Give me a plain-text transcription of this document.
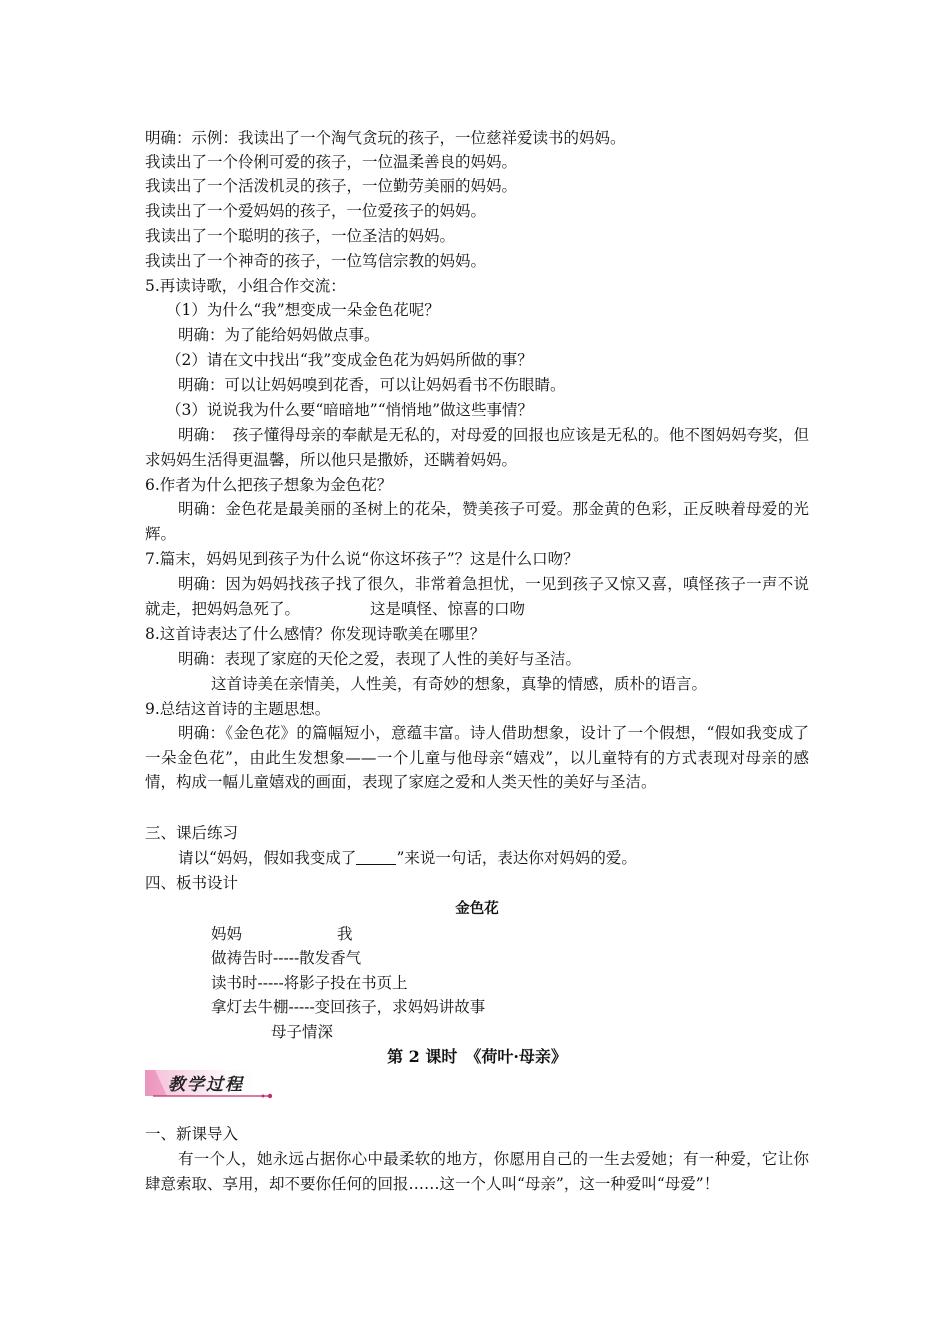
明确：示例：我读出了一个淘气贪玩的孩子，一位慈祥爱读书的妈妈。
我读出了一个伶俐可爱的孩子，一位温柔善良的妈妈。
我读出了一个活泼机灵的孩子，一位勤劳美丽的妈妈。
我读出了一个爱妈妈的孩子，一位爱孩子的妈妈。
我读出了一个聪明的孩子，一位圣洁的妈妈。
我读出了一个神奇的孩子，一位笃信宗教的妈妈。
5.再读诗歌，小组合作交流：
（1）为什么“我”想变成一朵金色花呢？
明确：为了能给妈妈做点事。
（2）请在文中找出“我”变成金色花为妈妈所做的事？
明确：可以让妈妈嗅到花香，可以让妈妈看书不伤眼睛。
（3）说说我为什么要“暗暗地”“悄悄地”做这些事情？
明确：　孩子懂得母亲的奉献是无私的，对母爱的回报也应该是无私的。他不图妈妈夸奖，但求妈妈生活得更温馨，所以他只是撒娇，还瞒着妈妈。
6.作者为什么把孩子想象为金色花？
明确：金色花是最美丽的圣树上的花朵，赞美孩子可爱。那金黄的色彩，正反映着母爱的光辉。
7.篇末，妈妈见到孩子为什么说“你这坏孩子”？这是什么口吻？
明确：因为妈妈找孩子找了很久，非常着急担忧，一见到孩子又惊又喜，嗔怪孩子一声不说就走，把妈妈急死了。	这是嗔怪、惊喜的口吻
8.这首诗表达了什么感情？你发现诗歌美在哪里？
明确：表现了家庭的天伦之爱，表现了人性的美好与圣洁。
这首诗美在亲情美，人性美，有奇妙的想象，真挚的情感，质朴的语言。
9.总结这首诗的主题思想。
明确：《金色花》的篇幅短小，意蕴丰富。诗人借助想象，设计了一个假想，“假如我变成了一朵金色花”，由此生发想象——一个儿童与他母亲“嬉戏”，以儿童特有的方式表现对母亲的感情，构成一幅儿童嬉戏的画面，表现了家庭之爱和人类天性的美好与圣洁。
三、课后练习
请以“妈妈，假如我变成了	”来说一句话，表达你对妈妈的爱。
四、板书设计
金色花
妈妈	我
做祷告时-----散发香气
读书时-----将影子投在书页上
拿灯去牛棚-----变回孩子，求妈妈讲故事
母子情深
第 2 课时　《荷叶·母亲》
教学过程
一、新课导入
有一个人，她永远占据你心中最柔软的地方，你愿用自己的一生去爱她；有一种爱，它让你肆意索取、享用，却不要你任何的回报……这一个人叫“母亲”，这一种爱叫“母爱”！
